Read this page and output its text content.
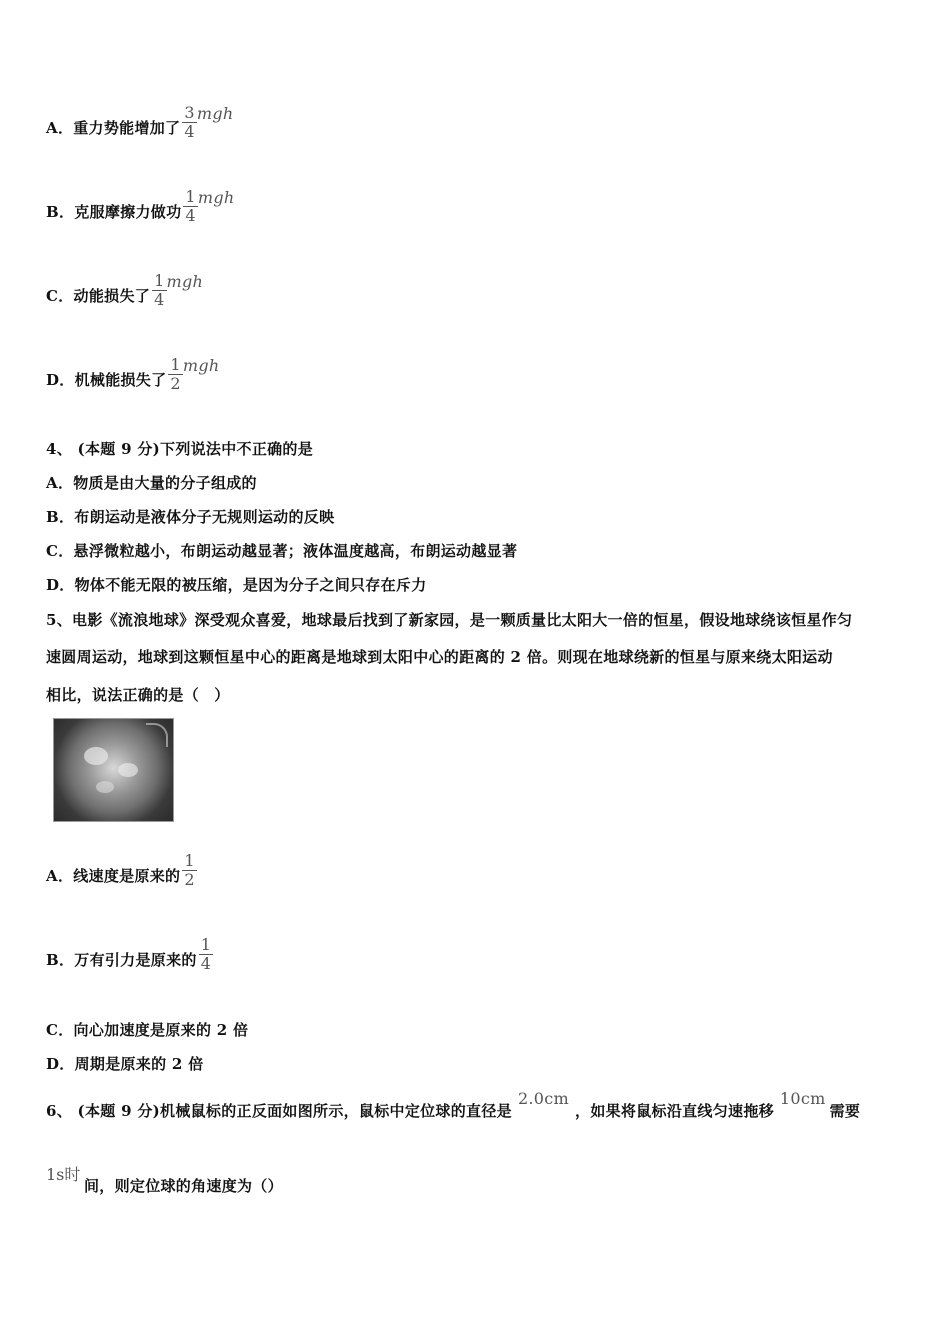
A．重力势能增加了 $\frac{3}{4}$ mgh
B．克服摩擦力做功 $\frac{1}{4}$ mgh
C．动能损失了 $\frac{1}{4}$ mgh
D．机械能损失了 $\frac{1}{2}$ mgh
4、 (本题 9 分)下列说法中不正确的是
A．物质是由大量的分子组成的
B．布朗运动是液体分子无规则运动的反映
C．悬浮微粒越小，布朗运动越显著；液体温度越高，布朗运动越显著
D．物体不能无限的被压缩，是因为分子之间只存在斥力
5、电影《流浪地球》深受观众喜爱，地球最后找到了新家园，是一颗质量比太阳大一倍的恒星，假设地球绕该恒星作匀
速圆周运动，地球到这颗恒星中心的距离是地球到太阳中心的距离的 2 倍。则现在地球绕新的恒星与原来绕太阳运动
相比，说法正确的是（　）
A．线速度是原来的 $\frac{1}{2}$
B．万有引力是原来的 $\frac{1}{4}$
C．向心加速度是原来的 2 倍
D．周期是原来的 2 倍
6、 (本题 9 分)机械鼠标的正反面如图所示，鼠标中定位球的直径是2.0cm，如果将鼠标沿直线匀速拖移10cm需要
1s时
间，则定位球的角速度为（）
